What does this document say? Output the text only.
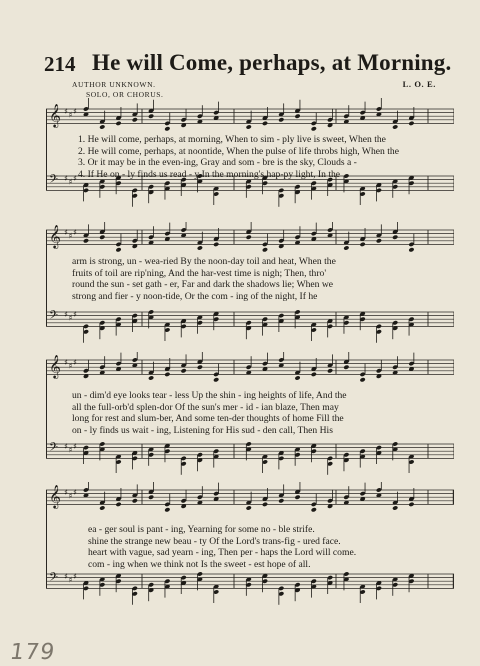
214 He will Come, perhaps, at Morning.
AUTHOR UNKNOWN.	L. O. E.
SOLO, OR CHORUS.
𝄞 ♯ ♯ ♯
𝄢 ♯ ♯ ♯
1. He will come, perhaps, at morning, When to sim - ply live is sweet, When the
2. He will come, perhaps, at noontide, When the pulse of life throbs high, When the
3. Or it may be in the even-ing, Gray and som - bre is the sky, Clouds a -
4. If He on - ly finds us read - y In the morning's hap-py light, In the
𝄞 ♯ ♯ ♯
𝄢 ♯ ♯ ♯
arm is strong, un - wea-ried By the noon-day toil and heat, When the
fruits of toil are rip'ning, And the har-vest time is nigh; Then, thro'
round the sun - set gath - er, Far and dark the shadows lie; When we
strong and fier - y noon-tide, Or the com - ing of the night, If he
𝄞 ♯ ♯ ♯
𝄢 ♯ ♯ ♯
un - dim'd eye looks tear - less Up the shin - ing heights of life, And the
all the full-orb'd splen-dor Of the sun's mer - id - ian blaze, Then may
long for rest and slum-ber, And some ten-der thoughts of home Fill the
on - ly finds us wait - ing, Listening for His sud - den call, Then His
𝄞 ♯ ♯ ♯
𝄢 ♯ ♯ ♯
ea - ger soul is pant - ing, Yearning for some no - ble strife.
shine the strange new beau - ty Of the Lord's trans-fig - ured face.
heart with vague, sad yearn - ing, Then per - haps the Lord will come.
com - ing when we think not Is the sweet - est hope of all.
179
